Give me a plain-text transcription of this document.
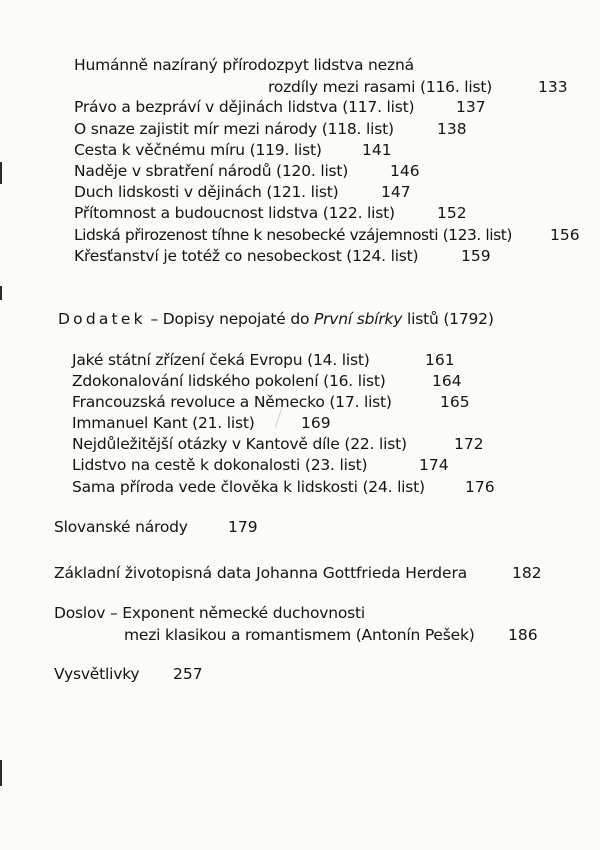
Humánně nazíraný přírodozpyt lidstva nezná
rozdíly mezi rasami (116. list)	133
Právo a bezpráví v dějinách lidstva (117. list)	137
O snaze zajistit mír mezi národy (118. list)	138
Cesta k věčnému míru (119. list)	141
Naděje v sbratření národů (120. list)	146
Duch lidskosti v dějinách (121. list)	147
Přítomnost a budoucnost lidstva (122. list)	152
Lidská přirozenost tíhne k nesobecké vzájemnosti (123. list) 156
Křesťanství je totéž co nesobeckost (124. list)	159
Dodatek – Dopisy nepojaté do První sbírky listů (1792)
Jaké státní zřízení čeká Evropu (14. list)	161
Zdokonalování lidského pokolení (16. list)	164
Francouzská revoluce a Německo (17. list)	165
Immanuel Kant (21. list)	169
Nejdůležitější otázky v Kantově díle (22. list)	172
Lidstvo na cestě k dokonalosti (23. list)	174
Sama příroda vede člověka k lidskosti (24. list)	176
Slovanské národy	179
Základní životopisná data Johanna Gottfrieda Herdera	182
Doslov – Exponent německé duchovnosti
mezi klasikou a romantismem (Antonín Pešek) 186
Vysvětlivky 257
